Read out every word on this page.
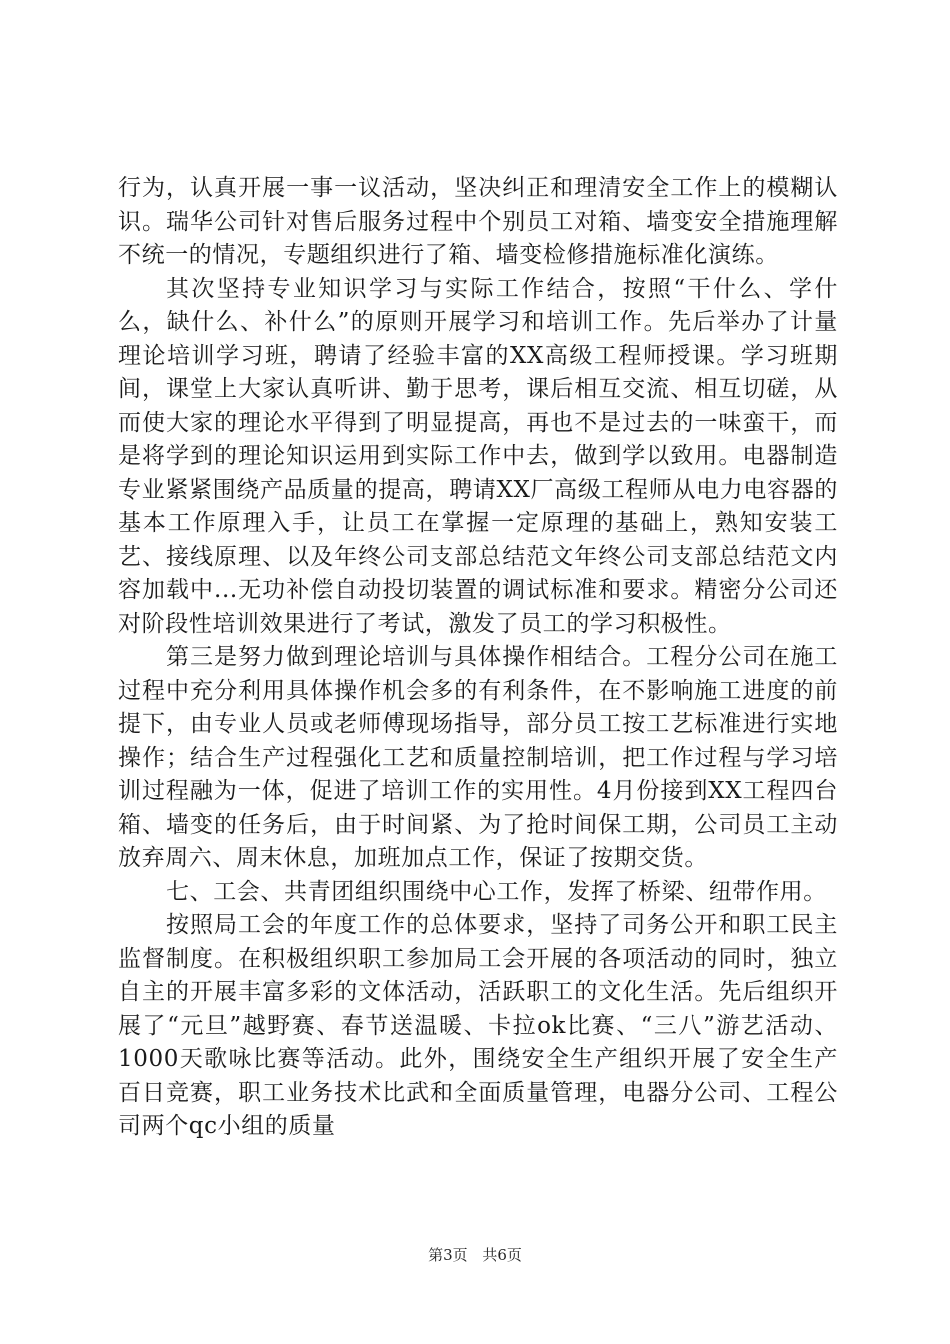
行为，认真开展一事一议活动，坚决纠正和理清安全工作上的模糊认识。瑞华公司针对售后服务过程中个别员工对箱、墙变安全措施理解不统一的情况，专题组织进行了箱、墙变检修措施标准化演练。

其次坚持专业知识学习与实际工作结合，按照“干什么、学什么，缺什么、补什么”的原则开展学习和培训工作。先后举办了计量理论培训学习班，聘请了经验丰富的XX高级工程师授课。学习班期间，课堂上大家认真听讲、勤于思考，课后相互交流、相互切磋，从而使大家的理论水平得到了明显提高，再也不是过去的一味蛮干，而是将学到的理论知识运用到实际工作中去，做到学以致用。电器制造专业紧紧围绕产品质量的提高，聘请XX厂高级工程师从电力电容器的基本工作原理入手，让员工在掌握一定原理的基础上，熟知安装工艺、接线原理、以及年终公司支部总结范文年终公司支部总结范文内容加载中...无功补偿自动投切装置的调试标准和要求。精密分公司还对阶段性培训效果进行了考试，激发了员工的学习积极性。

第三是努力做到理论培训与具体操作相结合。工程分公司在施工过程中充分利用具体操作机会多的有利条件，在不影响施工进度的前提下，由专业人员或老师傅现场指导，部分员工按工艺标准进行实地操作；结合生产过程强化工艺和质量控制培训，把工作过程与学习培训过程融为一体，促进了培训工作的实用性。4月份接到XX工程四台箱、墙变的任务后，由于时间紧、为了抢时间保工期，公司员工主动放弃周六、周末休息，加班加点工作，保证了按期交货。

七、工会、共青团组织围绕中心工作，发挥了桥梁、纽带作用。

按照局工会的年度工作的总体要求，坚持了司务公开和职工民主监督制度。在积极组织职工参加局工会开展的各项活动的同时，独立自主的开展丰富多彩的文体活动，活跃职工的文化生活。先后组织开展了“元旦”越野赛、春节送温暖、卡拉ok比赛、“三八”游艺活动、1000天歌咏比赛等活动。此外，围绕安全生产组织开展了安全生产百日竞赛，职工业务技术比武和全面质量管理，电器分公司、工程公司两个qc小组的质量

第3页 共6页
